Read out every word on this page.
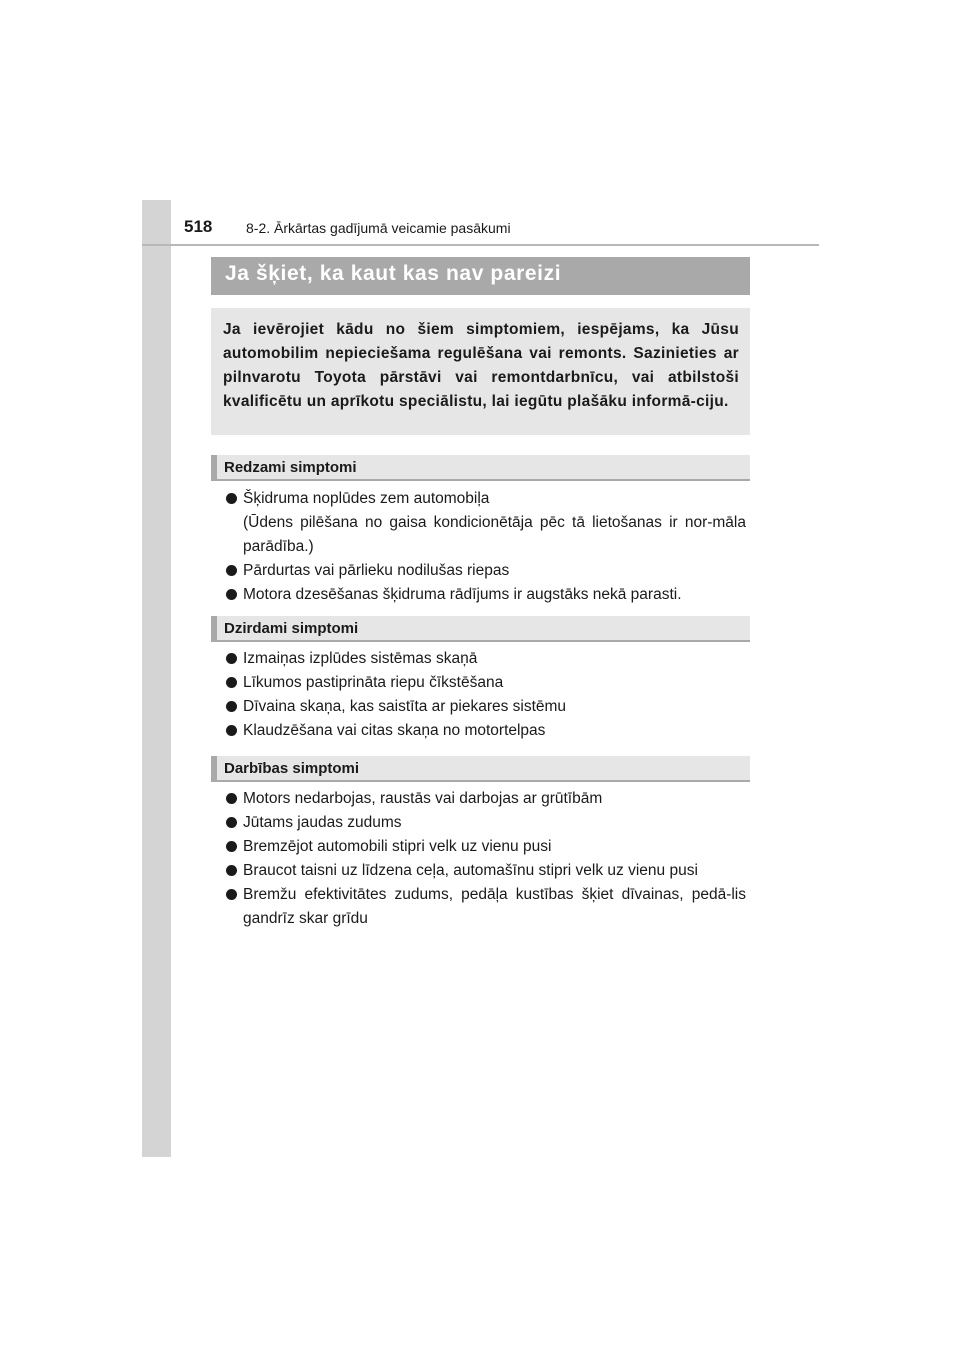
518 8-2. Ārkārtas gadījumā veicamie pasākumi
Ja šķiet, ka kaut kas nav pareizi

Ja ievērojiet kādu no šiem simptomiem, iespējams, ka Jūsu automobilim nepieciešama regulēšana vai remonts. Sazinieties ar pilnvarotu Toyota pārstāvi vai remontdarbnīcu, vai atbilstoši kvalificētu un aprīkotu speciālistu, lai iegūtu plašāku informā-ciju.

Redzami simptomi
Šķidruma noplūdes zem automobiļa
(Ūdens pilēšana no gaisa kondicionētāja pēc tā lietošanas ir nor-māla parādība.)
Pārdurtas vai pārlieku nodilušas riepas
Motora dzesēšanas šķidruma rādījums ir augstāks nekā parasti.
Dzirdami simptomi
Izmaiņas izplūdes sistēmas skaņā
Līkumos pastiprināta riepu čīkstēšana
Dīvaina skaņa, kas saistīta ar piekares sistēmu
Klaudzēšana vai citas skaņa no motortelpas
Darbības simptomi
Motors nedarbojas, raustās vai darbojas ar grūtībām
Jūtams jaudas zudums
Bremzējot automobili stipri velk uz vienu pusi
Braucot taisni uz līdzena ceļa, automašīnu stipri velk uz vienu pusi
Bremžu efektivitātes zudums, pedāļa kustības šķiet dīvainas, pedā-lis gandrīz skar grīdu
